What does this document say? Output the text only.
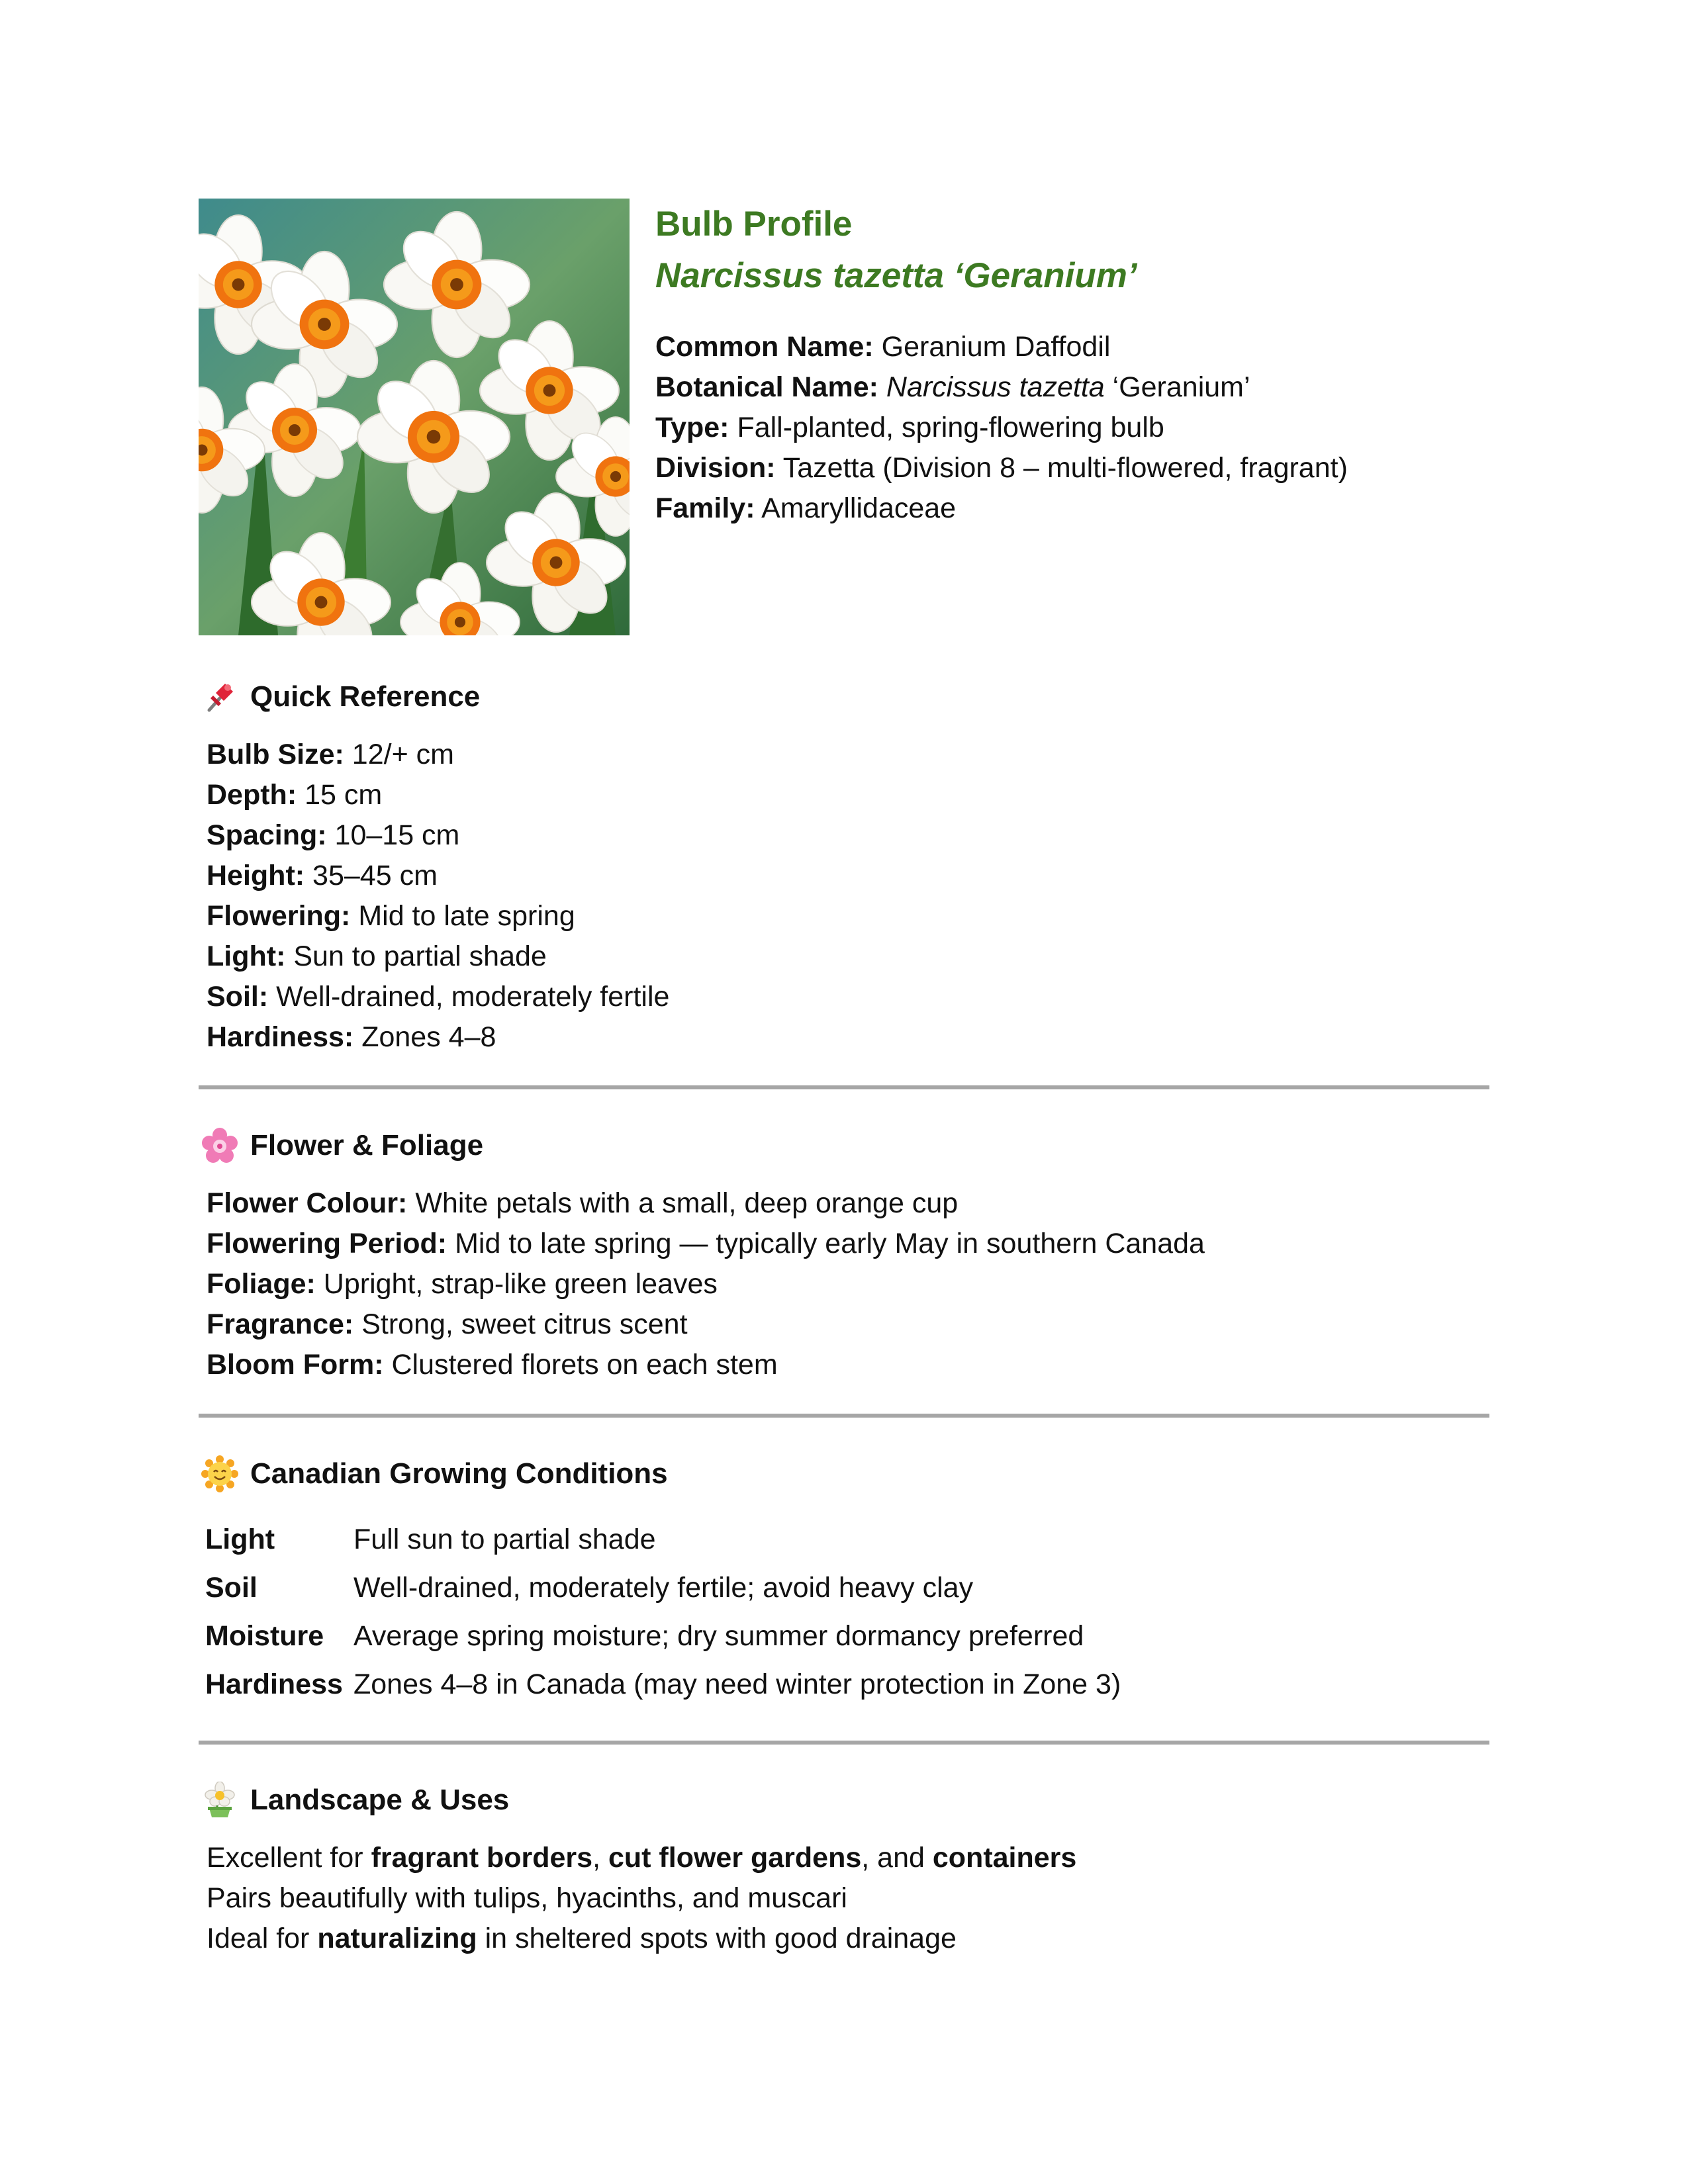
Bulb Profile
Narcissus tazetta ‘Geranium’
Common Name: Geranium Daffodil
Botanical Name: Narcissus tazetta ‘Geranium’
Type: Fall-planted, spring-flowering bulb
Division: Tazetta (Division 8 – multi-flowered, fragrant)
Family: Amaryllidaceae
Quick Reference
Bulb Size: 12/+ cm
Depth: 15 cm
Spacing: 10–15 cm
Height: 35–45 cm
Flowering: Mid to late spring
Light: Sun to partial shade
Soil: Well-drained, moderately fertile
Hardiness: Zones 4–8
Flower & Foliage
Flower Colour: White petals with a small, deep orange cup
Flowering Period: Mid to late spring — typically early May in southern Canada
Foliage: Upright, strap-like green leaves
Fragrance: Strong, sweet citrus scent
Bloom Form: Clustered florets on each stem
Canadian Growing Conditions
Light	Full sun to partial shade
Soil	Well-drained, moderately fertile; avoid heavy clay
Moisture	Average spring moisture; dry summer dormancy preferred
Hardiness Zones 4–8 in Canada (may need winter protection in Zone 3)
Landscape & Uses
Excellent for fragrant borders, cut flower gardens, and containers
Pairs beautifully with tulips, hyacinths, and muscari
Ideal for naturalizing in sheltered spots with good drainage
